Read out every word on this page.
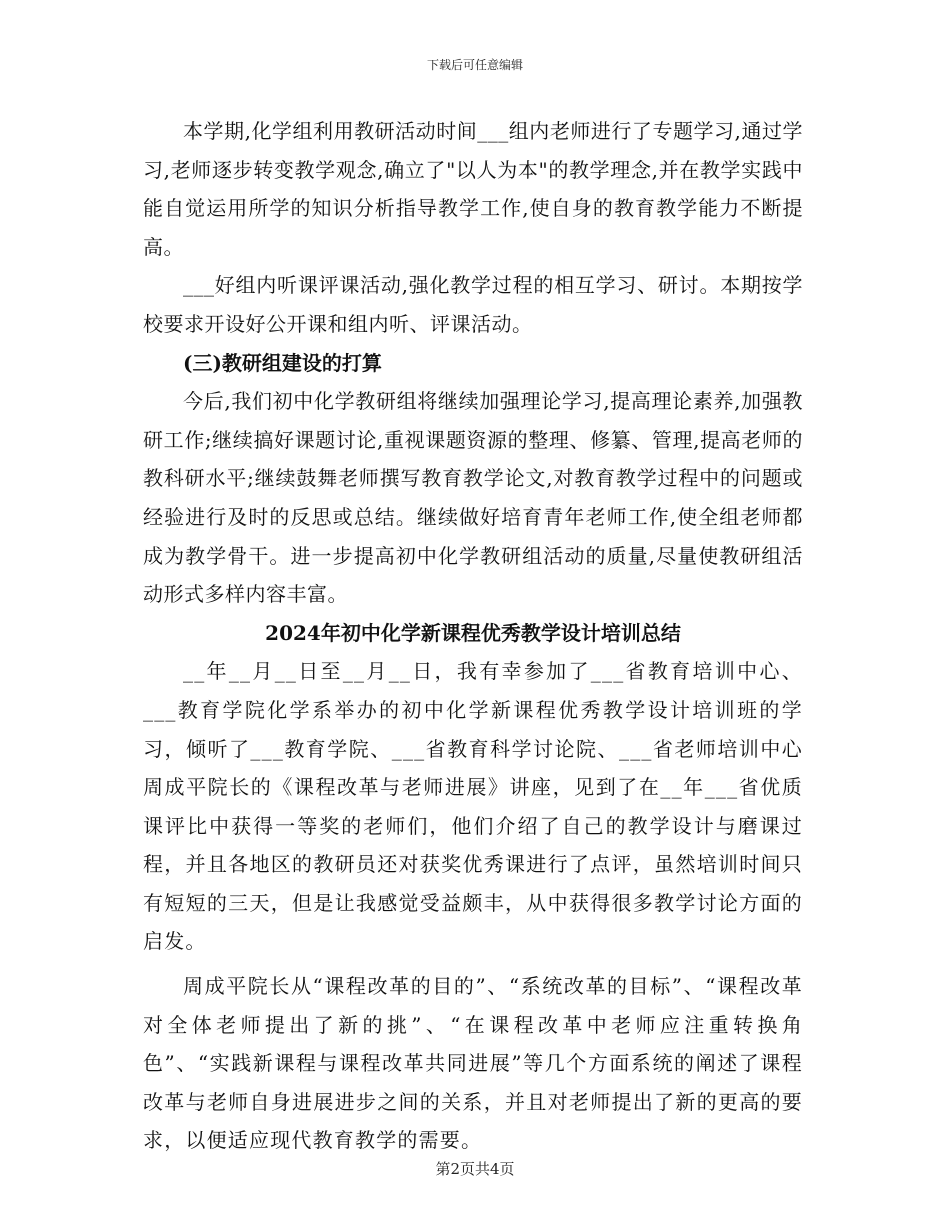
下载后可任意编辑

本学期,化学组利用教研活动时间___组内老师进行了专题学习,通过学习,老师逐步转变教学观念,确立了"以人为本"的教学理念,并在教学实践中能自觉运用所学的知识分析指导教学工作,使自身的教育教学能力不断提高。

___好组内听课评课活动,强化教学过程的相互学习、研讨。本期按学校要求开设好公开课和组内听、评课活动。

(三)教研组建设的打算

今后,我们初中化学教研组将继续加强理论学习,提高理论素养,加强教研工作;继续搞好课题讨论,重视课题资源的整理、修纂、管理,提高老师的教科研水平;继续鼓舞老师撰写教育教学论文,对教育教学过程中的问题或经验进行及时的反思或总结。继续做好培育青年老师工作,使全组老师都成为教学骨干。进一步提高初中化学教研组活动的质量,尽量使教研组活动形式多样内容丰富。

2024年初中化学新课程优秀教学设计培训总结

__年__月__日至__月__日，我有幸参加了___省教育培训中心、___教育学院化学系举办的初中化学新课程优秀教学设计培训班的学习，倾听了___教育学院、___省教育科学讨论院、___省老师培训中心周成平院长的《课程改革与老师进展》讲座，见到了在__年___省优质课评比中获得一等奖的老师们，他们介绍了自己的教学设计与磨课过程，并且各地区的教研员还对获奖优秀课进行了点评，虽然培训时间只有短短的三天，但是让我感觉受益颇丰，从中获得很多教学讨论方面的启发。

周成平院长从“课程改革的目的”、“系统改革的目标”、“课程改革对全体老师提出了新的挑”、“在课程改革中老师应注重转换角色”、“实践新课程与课程改革共同进展”等几个方面系统的阐述了课程改革与老师自身进展进步之间的关系，并且对老师提出了新的更高的要求，以便适应现代教育教学的需要。

第2页共4页
